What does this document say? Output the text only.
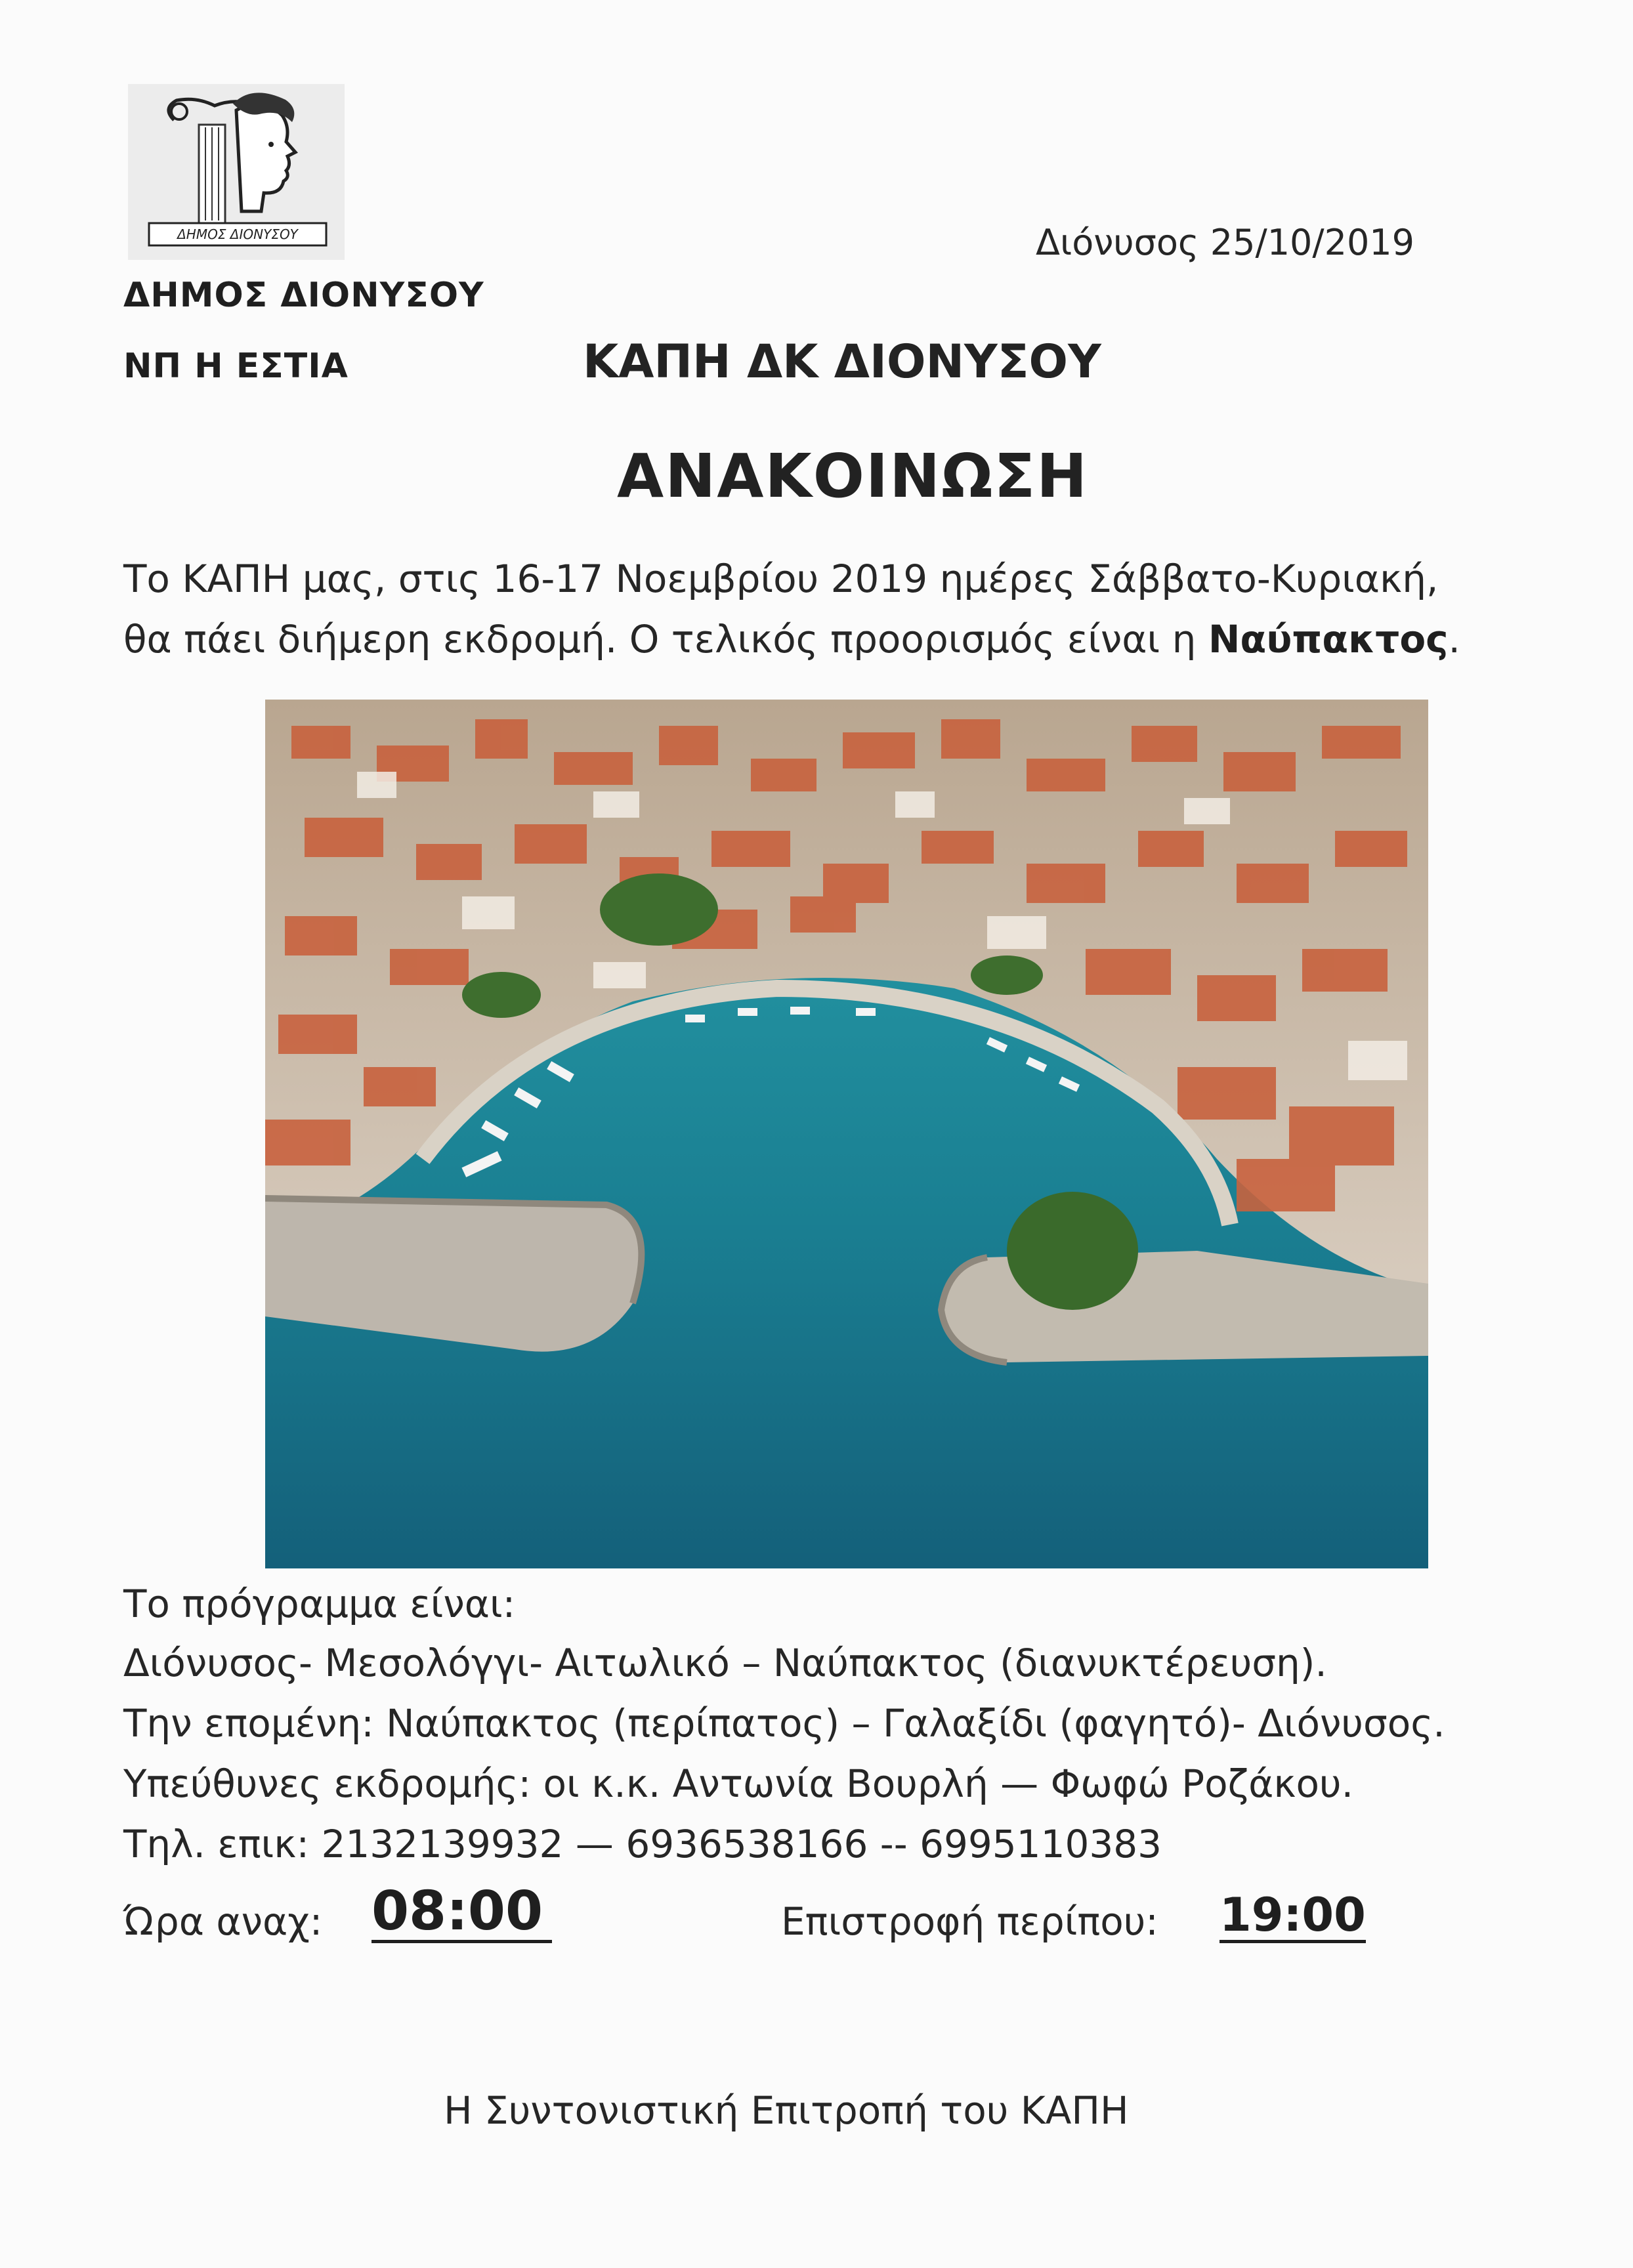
ΔΗΜΟΣ ΔΙΟΝΥΣΟΥ
ΔΗΜΟΣ ΔΙΟΝΥΣΟΥ
ΝΠ Η ΕΣΤΙΑ
Διόνυσος 25/10/2019
ΚΑΠΗ ΔΚ ΔΙΟΝΥΣΟΥ
ΑΝΑΚΟΙΝΩΣΗ
Το ΚΑΠΗ μας, στις 16-17 Νοεμβρίου 2019 ημέρες Σάββατο-Κυριακή,
θα πάει διήμερη εκδρομή. Ο τελικός προορισμός είναι η Ναύπακτος.
Το πρόγραμμα είναι:
Διόνυσος- Μεσολόγγι- Αιτωλικό – Ναύπακτος (διανυκτέρευση).
Την επομένη: Ναύπακτος (περίπατος) – Γαλαξίδι (φαγητό)- Διόνυσος.
Υπεύθυνες εκδρομής: οι κ.κ. Αντωνία Βουρλή — Φωφώ Ροζάκου.
Τηλ. επικ: 2132139932 — 6936538166 -- 6995110383
Ώρα αναχ: 08:00	Επιστροφή περίπου: 19:00
Η Συντονιστική Επιτροπή του ΚΑΠΗ
